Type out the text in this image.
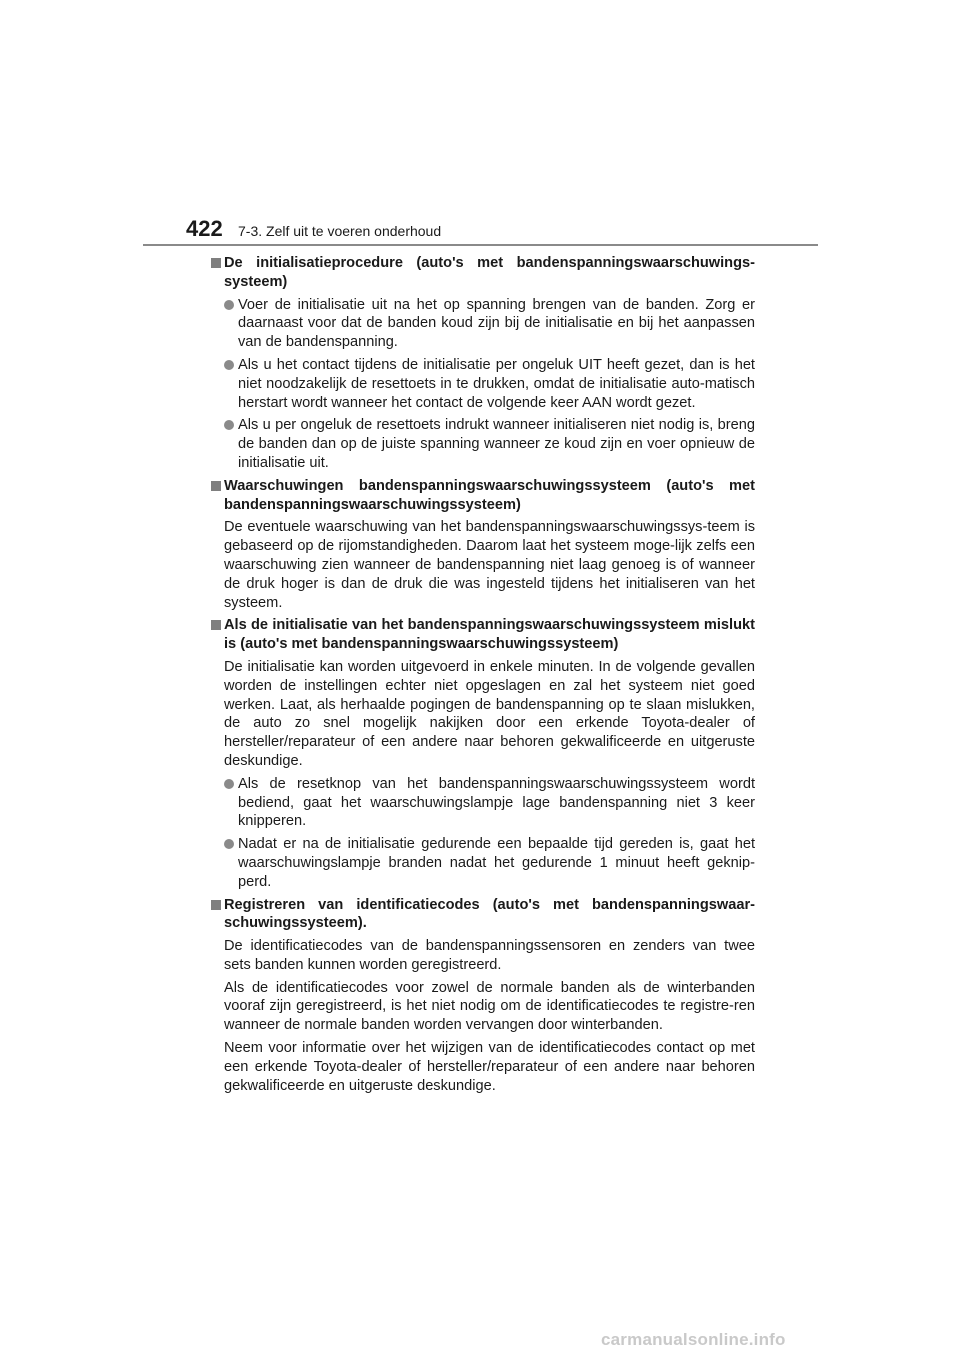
422 7-3. Zelf uit te voeren onderhoud
De initialisatieprocedure (auto's met bandenspanningswaarschuwings-systeem)
Voer de initialisatie uit na het op spanning brengen van de banden. Zorg er daarnaast voor dat de banden koud zijn bij de initialisatie en bij het aanpassen van de bandenspanning.
Als u het contact tijdens de initialisatie per ongeluk UIT heeft gezet, dan is het niet noodzakelijk de resettoets in te drukken, omdat de initialisatie auto-matisch herstart wordt wanneer het contact de volgende keer AAN wordt gezet.
Als u per ongeluk de resettoets indrukt wanneer initialiseren niet nodig is, breng de banden dan op de juiste spanning wanneer ze koud zijn en voer opnieuw de initialisatie uit.
Waarschuwingen bandenspanningswaarschuwingssysteem (auto's met bandenspanningswaarschuwingssysteem)
De eventuele waarschuwing van het bandenspanningswaarschuwingssys-teem is gebaseerd op de rijomstandigheden. Daarom laat het systeem moge-lijk zelfs een waarschuwing zien wanneer de bandenspanning niet laag genoeg is of wanneer de druk hoger is dan de druk die was ingesteld tijdens het initialiseren van het systeem.
Als de initialisatie van het bandenspanningswaarschuwingssysteem mislukt is (auto's met bandenspanningswaarschuwingssysteem)
De initialisatie kan worden uitgevoerd in enkele minuten. In de volgende gevallen worden de instellingen echter niet opgeslagen en zal het systeem niet goed werken. Laat, als herhaalde pogingen de bandenspanning op te slaan mislukken, de auto zo snel mogelijk nakijken door een erkende Toyota-dealer of hersteller/reparateur of een andere naar behoren gekwalificeerde en uitgeruste deskundige.
Als de resetknop van het bandenspanningswaarschuwingssysteem wordt bediend, gaat het waarschuwingslampje lage bandenspanning niet 3 keer knipperen.
Nadat er na de initialisatie gedurende een bepaalde tijd gereden is, gaat het waarschuwingslampje branden nadat het gedurende 1 minuut heeft geknip-perd.
Registreren van identificatiecodes (auto's met bandenspanningswaar-schuwingssysteem).
De identificatiecodes van de bandenspanningssensoren en zenders van twee sets banden kunnen worden geregistreerd.
Als de identificatiecodes voor zowel de normale banden als de winterbanden vooraf zijn geregistreerd, is het niet nodig om de identificatiecodes te registre-ren wanneer de normale banden worden vervangen door winterbanden.
Neem voor informatie over het wijzigen van de identificatiecodes contact op met een erkende Toyota-dealer of hersteller/reparateur of een andere naar behoren gekwalificeerde en uitgeruste deskundige.
carmanualsonline.info
